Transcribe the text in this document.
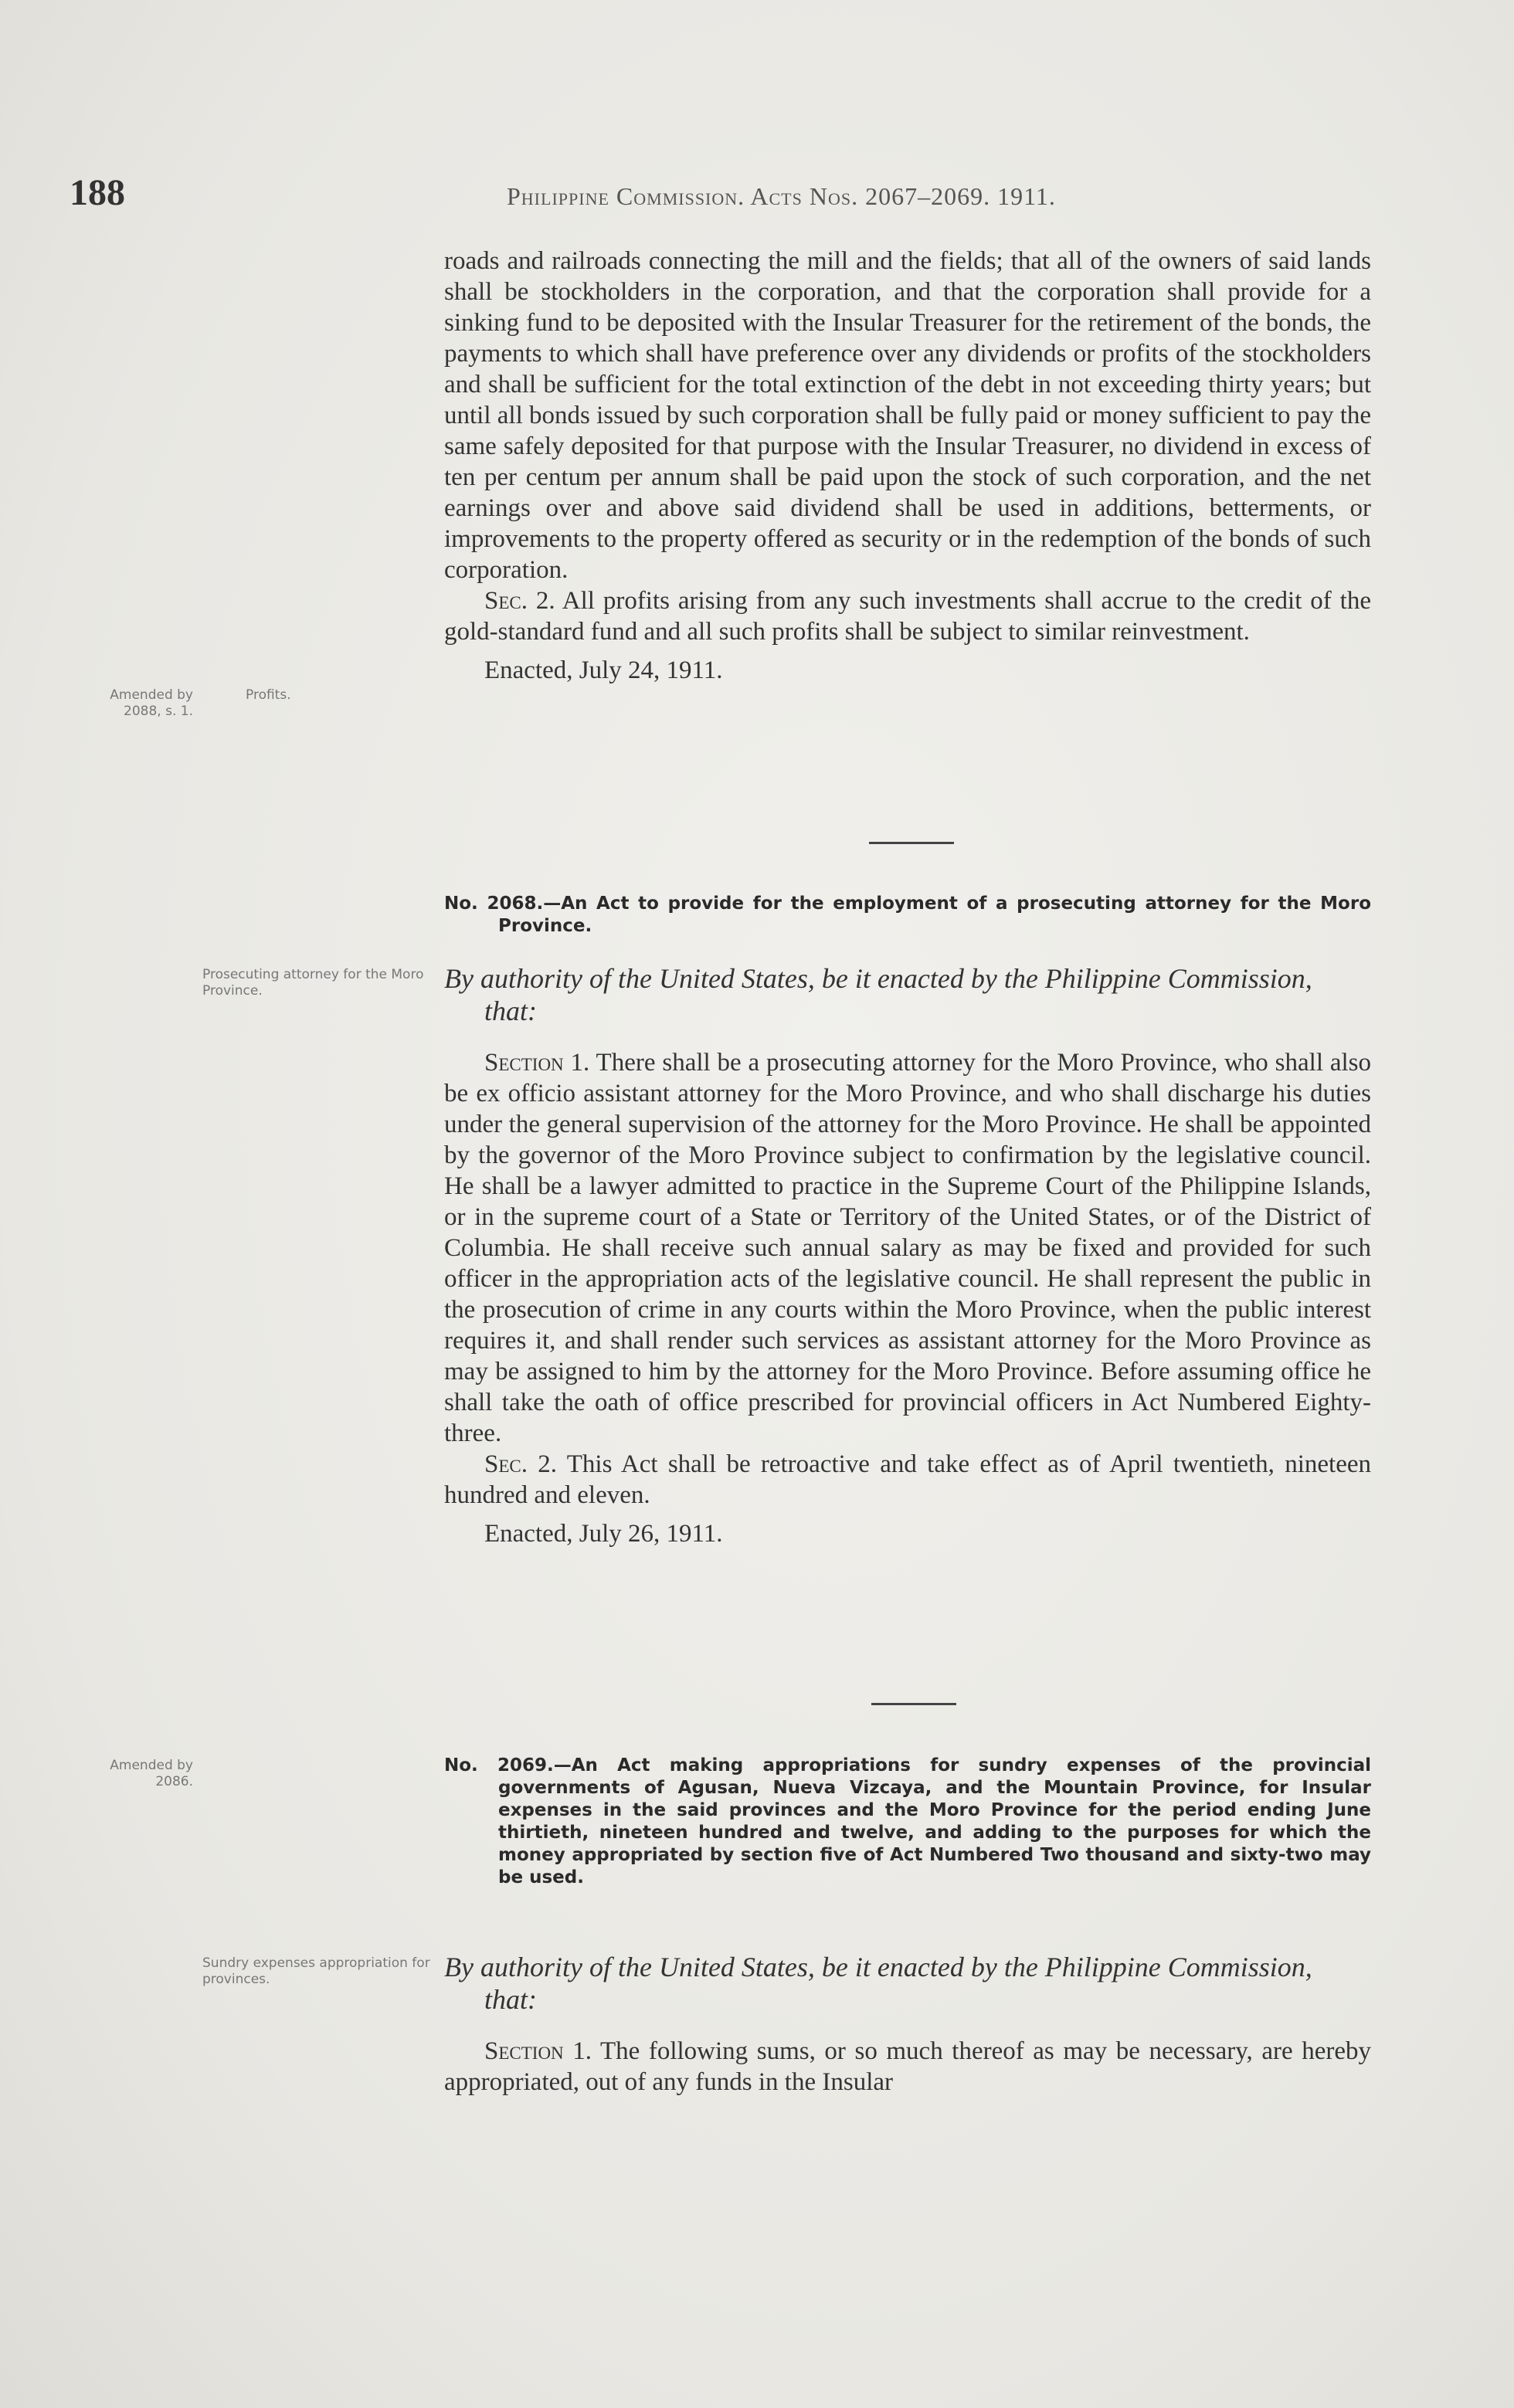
188	Philippine Commission. Acts Nos. 2067–2069. 1911.

roads and railroads connecting the mill and the fields; that all of the owners of said lands shall be stockholders in the corporation, and that the corporation shall provide for a sinking fund to be deposited with the Insular Treasurer for the retirement of the bonds, the payments to which shall have preference over any dividends or profits of the stockholders and shall be sufficient for the total extinction of the debt in not exceeding thirty years; but until all bonds issued by such corporation shall be fully paid or money sufficient to pay the same safely deposited for that purpose with the Insular Treasurer, no dividend in excess of ten per centum per annum shall be paid upon the stock of such corporation, and the net earnings over and above said dividend shall be used in additions, betterments, or improvements to the property offered as security or in the redemption of the bonds of such corporation.

Sec. 2. All profits arising from any such investments shall accrue to the credit of the gold-standard fund and all such profits shall be subject to similar reinvestment.

Enacted, July 24, 1911.

Amended by 2088, s. 1.
Profits.
No. 2068.—An Act to provide for the employment of a prosecuting attorney for the Moro Province.
Prosecuting attorney for the Moro Province.	By authority of the United States, be it enacted by the Philippine Commission, that:

Section 1. There shall be a prosecuting attorney for the Moro Province, who shall also be ex officio assistant attorney for the Moro Province, and who shall discharge his duties under the general supervision of the attorney for the Moro Province. He shall be appointed by the governor of the Moro Province subject to confirmation by the legislative council. He shall be a lawyer admitted to practice in the Supreme Court of the Philippine Islands, or in the supreme court of a State or Territory of the United States, or of the District of Columbia. He shall receive such annual salary as may be fixed and provided for such officer in the appropriation acts of the legislative council. He shall represent the public in the prosecution of crime in any courts within the Moro Province, when the public interest requires it, and shall render such services as assistant attorney for the Moro Province as may be assigned to him by the attorney for the Moro Province. Before assuming office he shall take the oath of office prescribed for provincial officers in Act Numbered Eighty-three.

Sec. 2. This Act shall be retroactive and take effect as of April twentieth, nineteen hundred and eleven.

Enacted, July 26, 1911.

Amended by 2086.
No. 2069.—An Act making appropriations for sundry expenses of the provincial governments of Agusan, Nueva Vizcaya, and the Mountain Province, for Insular expenses in the said provinces and the Moro Province for the period ending June thirtieth, nineteen hundred and twelve, and adding to the purposes for which the money appropriated by section five of Act Numbered Two thousand and sixty-two may be used.
Sundry expenses appropriation for provinces.	By authority of the United States, be it enacted by the Philippine Commission, that:

Section 1. The following sums, or so much thereof as may be necessary, are hereby appropriated, out of any funds in the Insular
